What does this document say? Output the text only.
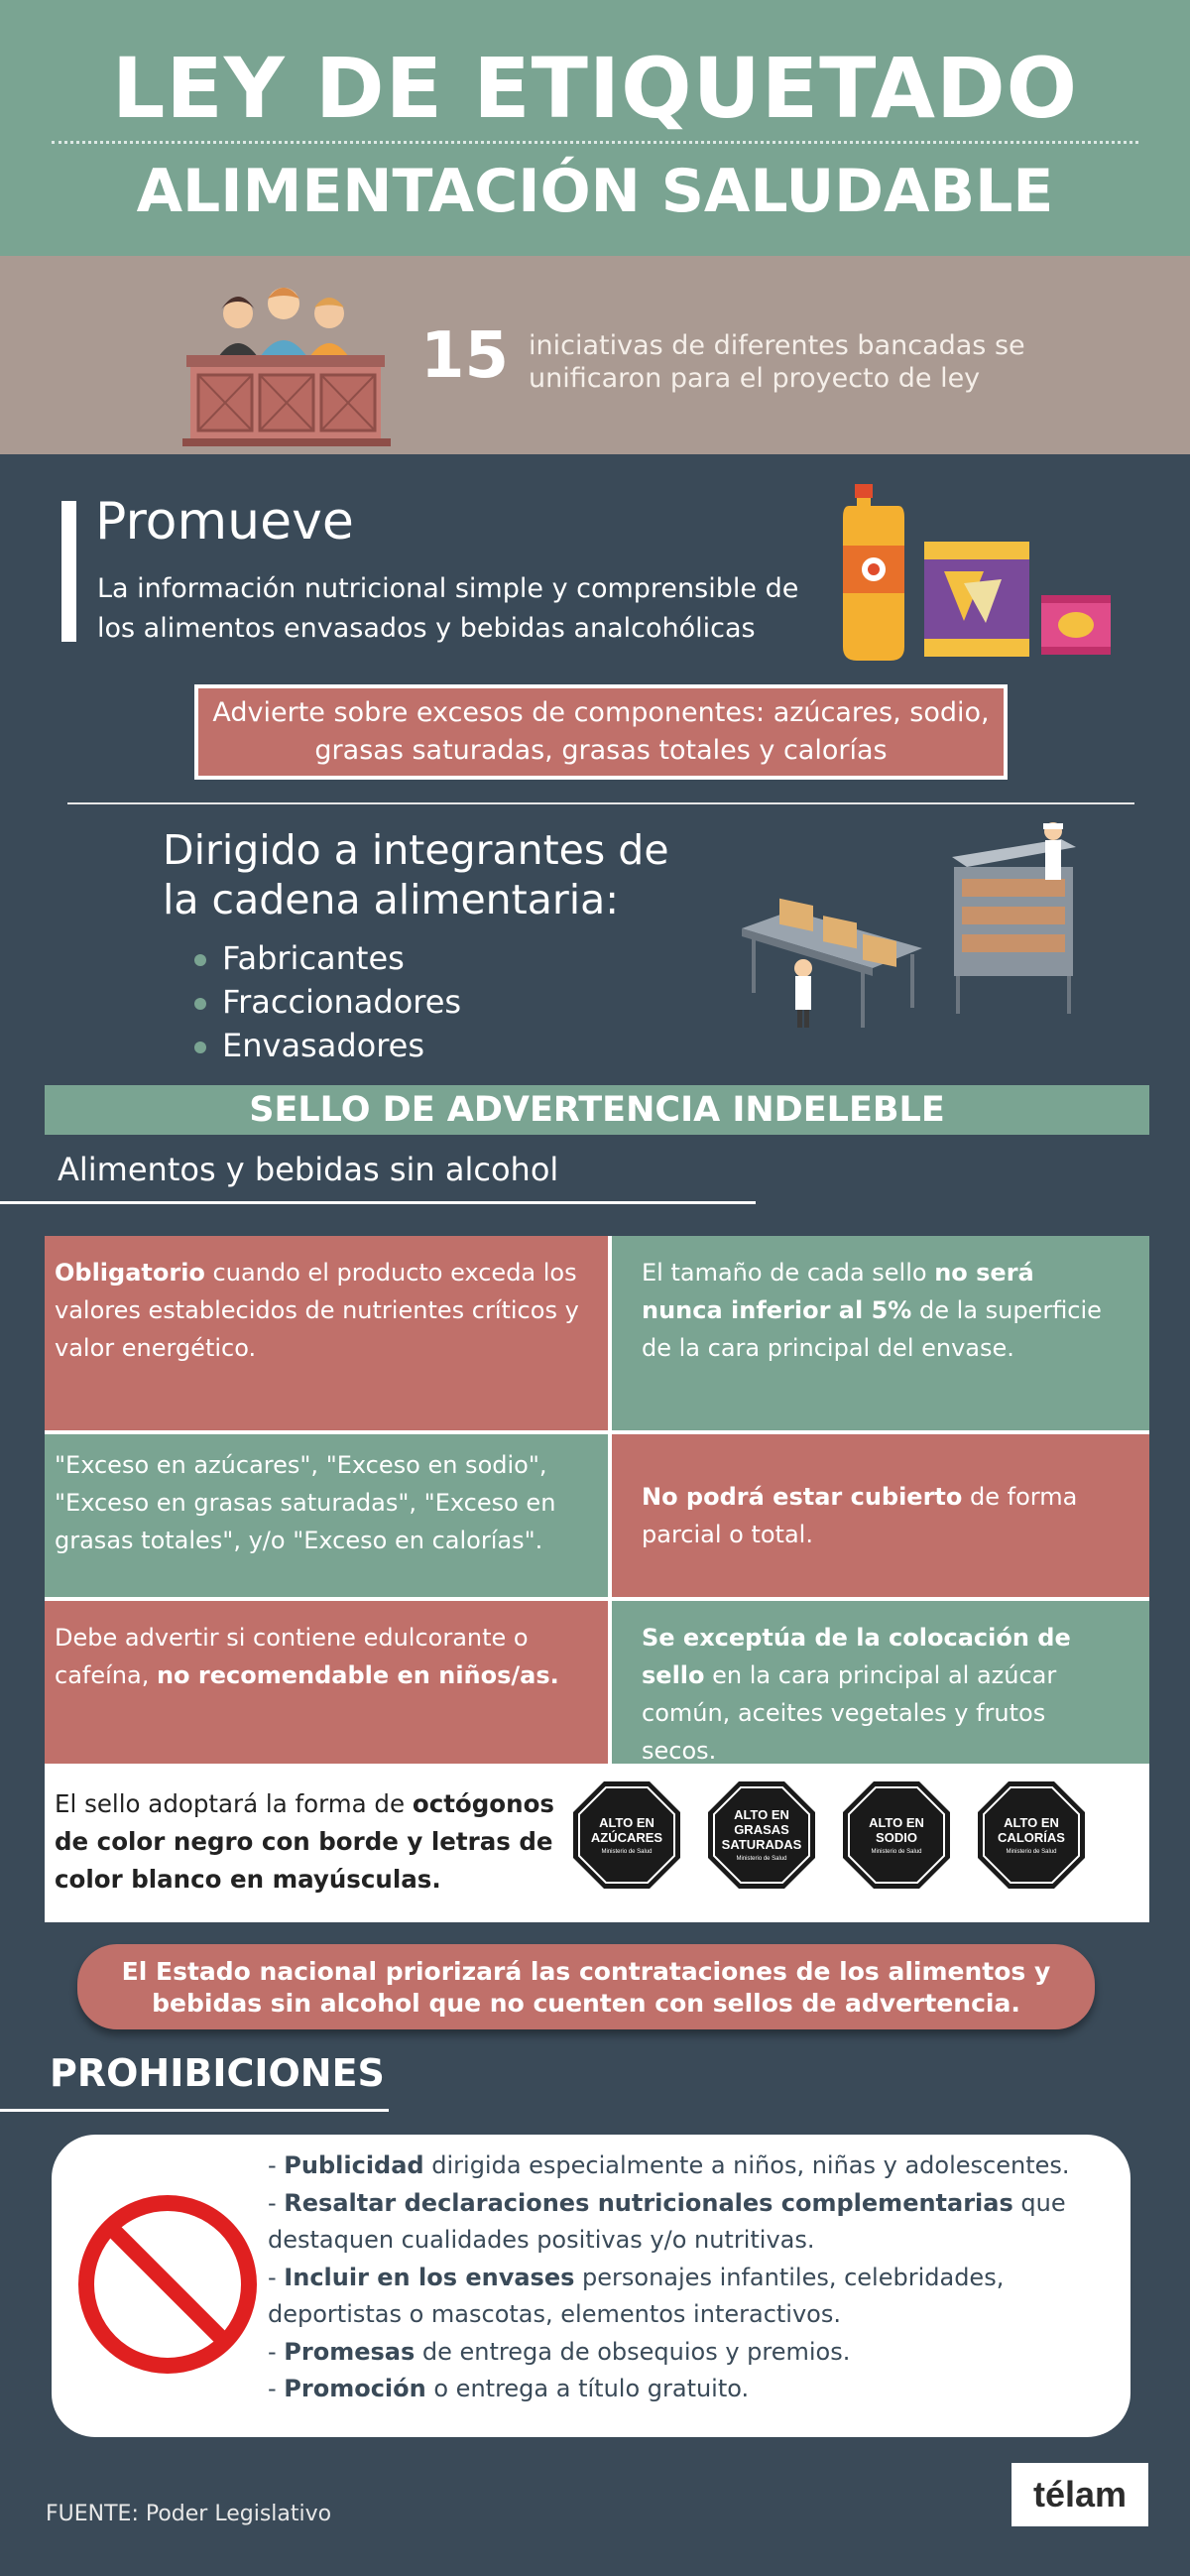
LEY DE ETIQUETADO
ALIMENTACIÓN SALUDABLE
15 iniciativas de diferentes bancadas se unificaron para el proyecto de ley
Promueve
La información nutricional simple y comprensible de los alimentos envasados y bebidas analcohólicas
Advierte sobre excesos de componentes: azúcares, sodio, grasas saturadas, grasas totales y calorías
Dirigido a integrantes de la cadena alimentaria:
Fabricantes
Fraccionadores
Envasadores
SELLO DE ADVERTENCIA INDELEBLE
Alimentos y bebidas sin alcohol
Obligatorio cuando el producto exceda los valores establecidos de nutrientes críticos y valor energético.
El tamaño de cada sello no será nunca inferior al 5% de la superficie de la cara principal del envase.
"Exceso en azúcares", "Exceso en sodio", "Exceso en grasas saturadas", "Exceso en grasas totales", y/o "Exceso en calorías".
No podrá estar cubierto de forma parcial o total.
Debe advertir si contiene edulcorante o cafeína, no recomendable en niños/as.
Se exceptúa de la colocación de sello en la cara principal al azúcar común, aceites vegetales y frutos secos.
El sello adoptará la forma de octógonos de color negro con borde y letras de color blanco en mayúsculas.
ALTO EN
AZÚCARES
Ministerio de Salud
ALTO EN
GRASAS
SATURADAS
Ministerio de Salud
ALTO EN
SODIO
Ministerio de Salud
ALTO EN
CALORÍAS
Ministerio de Salud
El Estado nacional priorizará las contrataciones de los alimentos y bebidas sin alcohol que no cuenten con sellos de advertencia.
PROHIBICIONES
- Publicidad dirigida especialmente a niños, niñas y adolescentes.
- Resaltar declaraciones nutricionales complementarias que destaquen cualidades positivas y/o nutritivas.
- Incluir en los envases personajes infantiles, celebridades, deportistas o mascotas, elementos interactivos.
- Promesas de entrega de obsequios y premios.
- Promoción o entrega a título gratuito.
FUENTE: Poder Legislativo	télam
